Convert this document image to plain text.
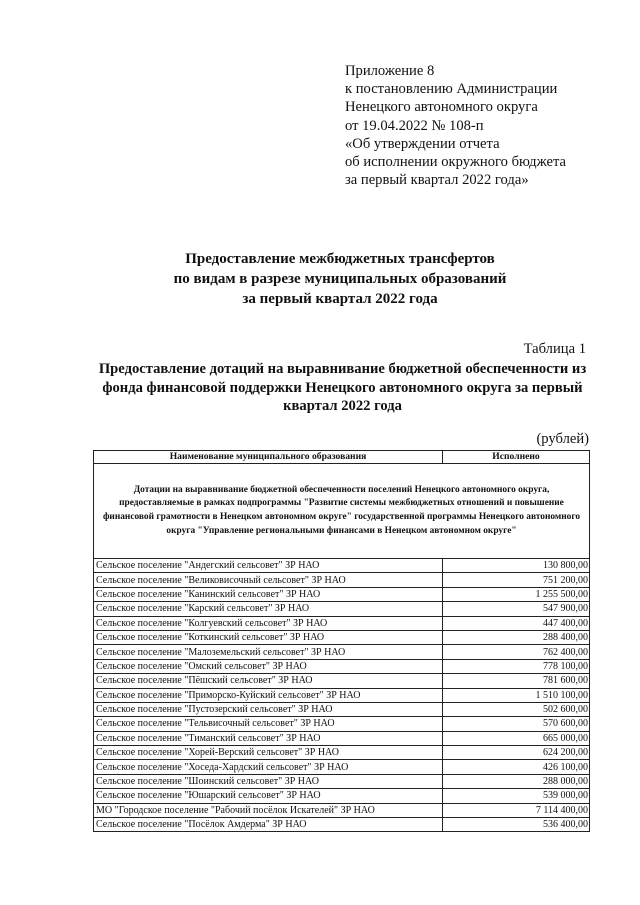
Приложение 8
к постановлению Администрации
Ненецкого автономного округа
от 19.04.2022 № 108-п
«Об утверждении отчета
об исполнении окружного бюджета
за первый квартал 2022 года»
Предоставление межбюджетных трансфертов
по видам в разрезе муниципальных образований
за первый квартал 2022 года
Таблица 1
Предоставление дотаций на выравнивание бюджетной обеспеченности из фонда финансовой поддержки Ненецкого автономного округа за первый квартал 2022 года
(рублей)
Наименование муниципального образования	Исполнено
Дотации на выравнивание бюджетной обеспеченности поселений Ненецкого автономного округа, предоставляемые в рамках подпрограммы "Развитие системы межбюджетных отношений и повышение финансовой грамотности в Ненецком автономном округе" государственной программы Ненецкого автономного округа "Управление региональными финансами в Ненецком автономном округе"	
Сельское поселение "Андегский сельсовет" ЗР НАО	130 800,00
Сельское поселение "Великовисочный сельсовет" ЗР НАО	751 200,00
Сельское поселение "Канинский сельсовет" ЗР НАО	1 255 500,00
Сельское поселение "Карский сельсовет" ЗР НАО	547 900,00
Сельское поселение "Колгуевский сельсовет" ЗР НАО	447 400,00
Сельское поселение "Коткинский сельсовет" ЗР НАО	288 400,00
Сельское поселение "Малоземельский сельсовет" ЗР НАО	762 400,00
Сельское поселение "Омский сельсовет" ЗР НАО	778 100,00
Сельское поселение "Пёшский сельсовет" ЗР НАО	781 600,00
Сельское поселение "Приморско-Куйский сельсовет" ЗР НАО	1 510 100,00
Сельское поселение "Пустозерский сельсовет" ЗР НАО	502 600,00
Сельское поселение "Тельвисочный сельсовет" ЗР НАО	570 600,00
Сельское поселение "Тиманский сельсовет" ЗР НАО	665 000,00
Сельское поселение "Хорей-Верский сельсовет" ЗР НАО	624 200,00
Сельское поселение "Хоседа-Хардский сельсовет" ЗР НАО	426 100,00
Сельское поселение "Шоинский сельсовет" ЗР НАО	288 000,00
Сельское поселение "Юшарский сельсовет" ЗР НАО	539 000,00
МО "Городское поселение "Рабочий посёлок Искателей" ЗР НАО	7 114 400,00
Сельское поселение "Посёлок Амдерма" ЗР НАО	536 400,00
